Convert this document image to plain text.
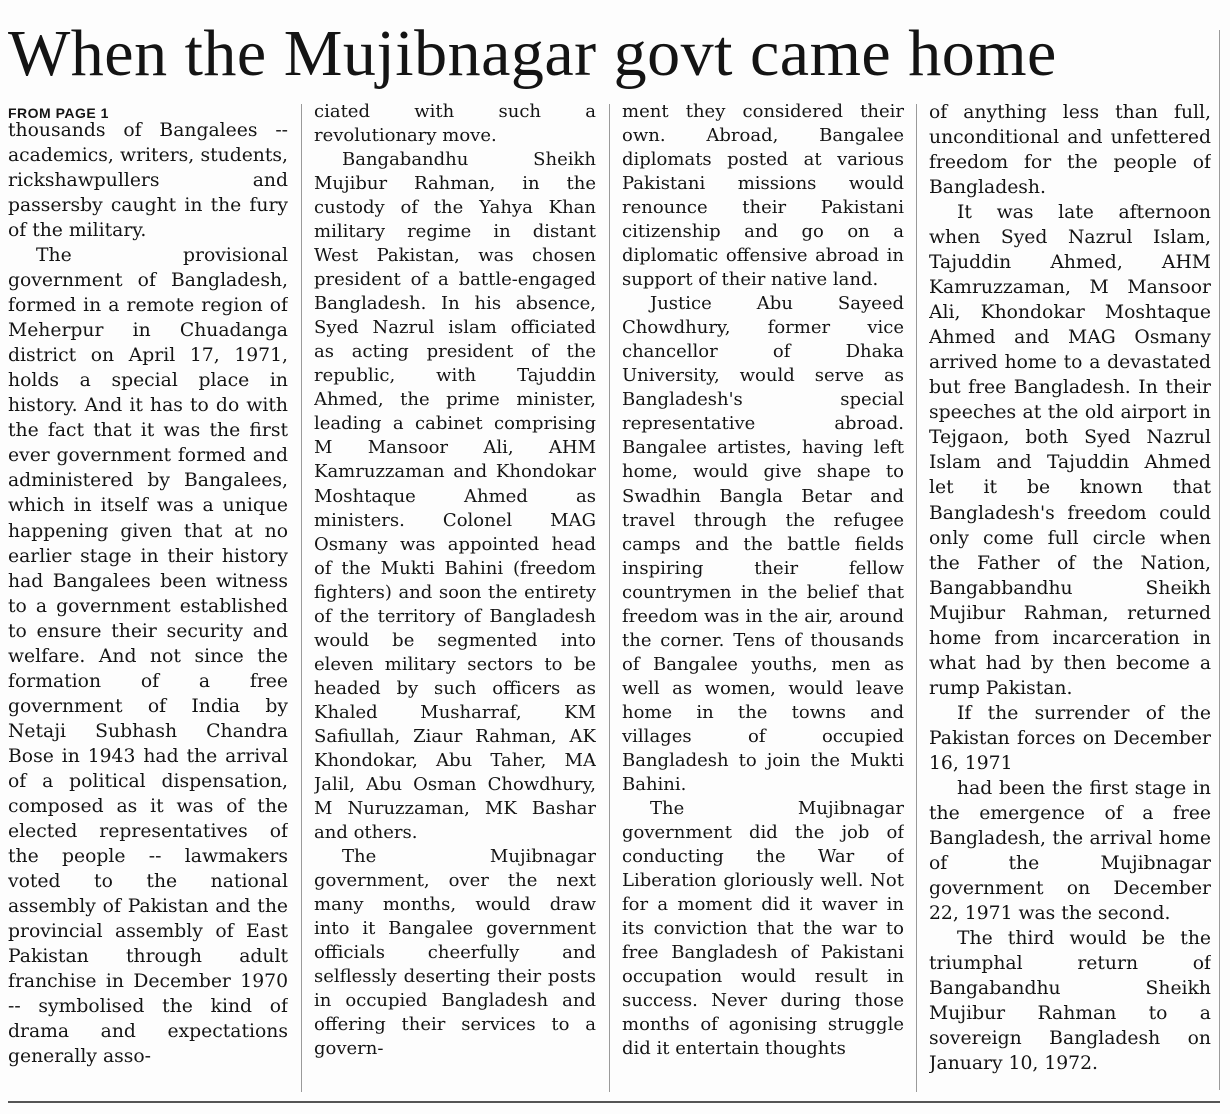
When the Mujibnagar govt came home
FROM PAGE 1

thousands of Bangalees -- academics, writers, students, rickshawpullers and passersby caught in the fury of the military.

The provisional government of Bangladesh, formed in a remote region of Meherpur in Chuadanga district on April 17, 1971, holds a special place in history. And it has to do with the fact that it was the first ever government formed and administered by Bangalees, which in itself was a unique happening given that at no earlier stage in their history had Bangalees been witness to a government established to ensure their security and welfare. And not since the formation of a free government of India by Netaji Subhash Chandra Bose in 1943 had the arrival of a political dispensation, composed as it was of the elected representatives of the people -- lawmakers voted to the national assembly of Pakistan and the provincial assembly of East Pakistan through adult franchise in December 1970 -- symbolised the kind of drama and expectations generally asso-

ciated with such a revolutionary move.

Bangabandhu Sheikh Mujibur Rahman, in the custody of the Yahya Khan military regime in distant West Pakistan, was chosen president of a battle-engaged Bangladesh. In his absence, Syed Nazrul islam officiated as acting president of the republic, with Tajuddin Ahmed, the prime minister, leading a cabinet comprising M Mansoor Ali, AHM Kamruzzaman and Khondokar Moshtaque Ahmed as ministers. Colonel MAG Osmany was appointed head of the Mukti Bahini (freedom fighters) and soon the entirety of the territory of Bangladesh would be segmented into eleven military sectors to be headed by such officers as Khaled Musharraf, KM Safiullah, Ziaur Rahman, AK Khondokar, Abu Taher, MA Jalil, Abu Osman Chowdhury, M Nuruzzaman, MK Bashar and others.

The Mujibnagar government, over the next many months, would draw into it Bangalee government officials cheerfully and selflessly deserting their posts in occupied Bangladesh and offering their services to a govern-

ment they considered their own. Abroad, Bangalee diplomats posted at various Pakistani missions would renounce their Pakistani citizenship and go on a diplomatic offensive abroad in support of their native land.

Justice Abu Sayeed Chowdhury, former vice chancellor of Dhaka University, would serve as Bangladesh's special representative abroad. Bangalee artistes, having left home, would give shape to Swadhin Bangla Betar and travel through the refugee camps and the battle fields inspiring their fellow countrymen in the belief that freedom was in the air, around the corner. Tens of thousands of Bangalee youths, men as well as women, would leave home in the towns and villages of occupied Bangladesh to join the Mukti Bahini.

The Mujibnagar government did the job of conducting the War of Liberation gloriously well. Not for a moment did it waver in its conviction that the war to free Bangladesh of Pakistani occupation would result in success. Never during those months of agonising struggle did it entertain thoughts

of anything less than full, unconditional and unfettered freedom for the people of Bangladesh.

It was late afternoon when Syed Nazrul Islam, Tajuddin Ahmed, AHM Kamruzzaman, M Mansoor Ali, Khondokar Moshtaque Ahmed and MAG Osmany arrived home to a devastated but free Bangladesh. In their speeches at the old airport in Tejgaon, both Syed Nazrul Islam and Tajuddin Ahmed let it be known that Bangladesh's freedom could only come full circle when the Father of the Nation, Bangabbandhu Sheikh Mujibur Rahman, returned home from incarceration in what had by then become a rump Pakistan.

If the surrender of the Pakistan forces on December 16, 1971

had been the first stage in the emergence of a free Bangladesh, the arrival home of the Mujibnagar government on December 22, 1971 was the second.

The third would be the triumphal return of Bangabandhu Sheikh Mujibur Rahman to a sovereign Bangladesh on January 10, 1972.
